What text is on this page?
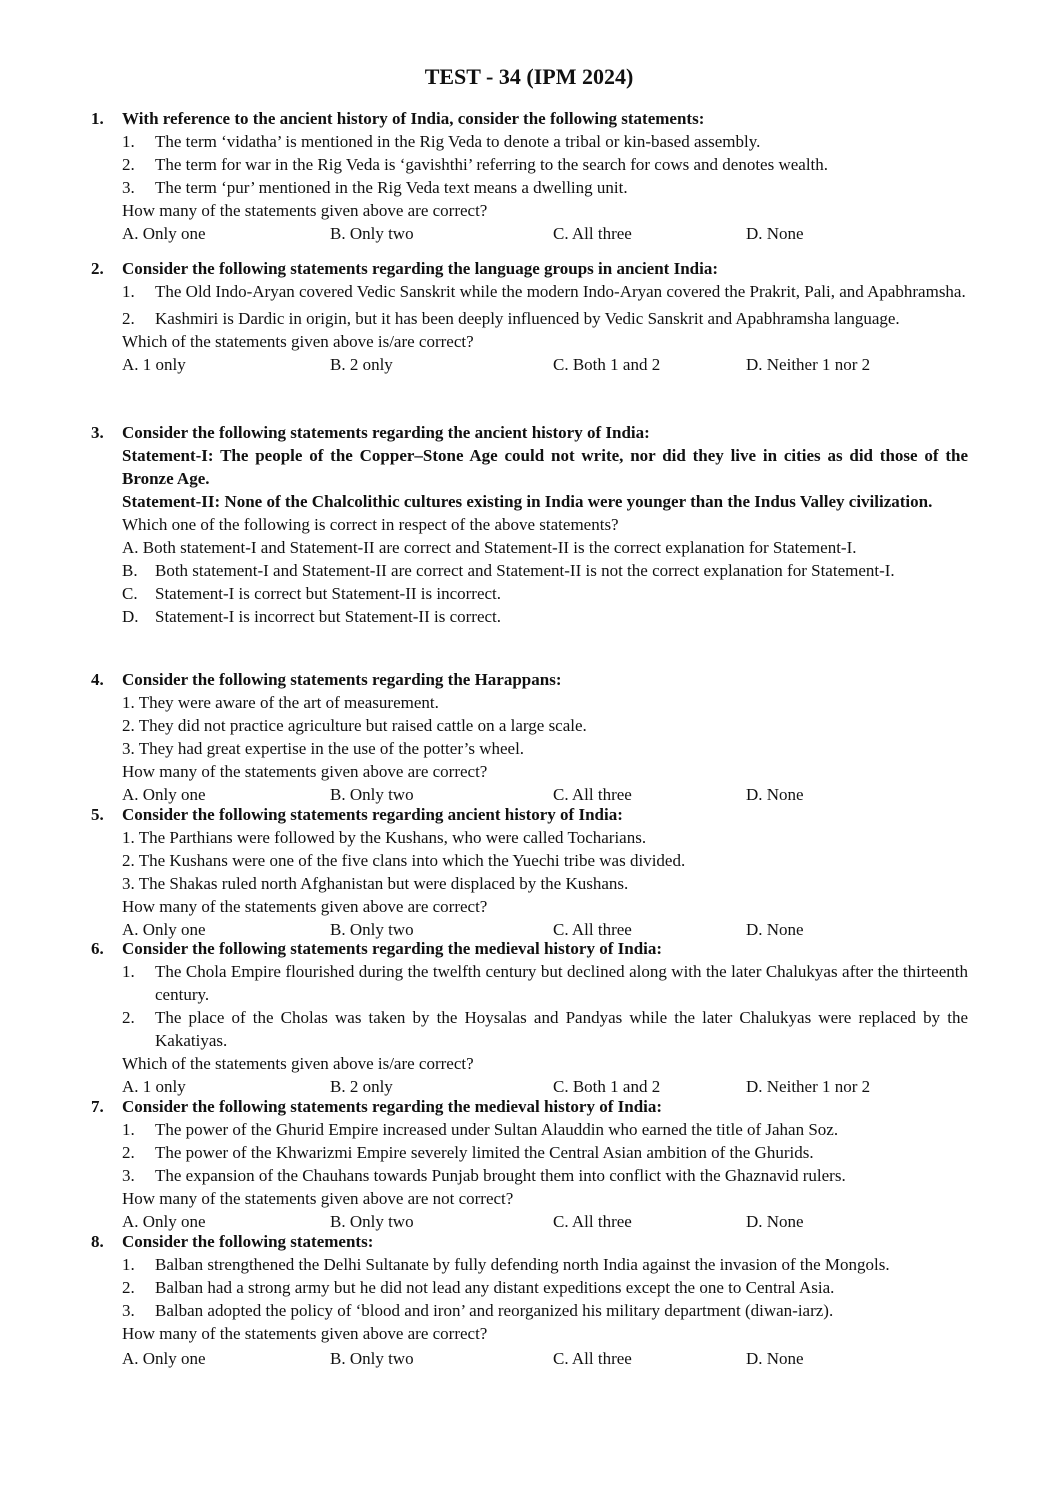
TEST - 34 (IPM 2024)
1. With reference to the ancient history of India, consider the following statements:
1. The term ‘vidatha’ is mentioned in the Rig Veda to denote a tribal or kin-based assembly.
2. The term for war in the Rig Veda is ‘gavishthi’ referring to the search for cows and denotes wealth.
3. The term ‘pur’ mentioned in the Rig Veda text means a dwelling unit.
How many of the statements given above are correct?
A. Only one	B. Only two	C. All three	D. None
2. Consider the following statements regarding the language groups in ancient India:
1. The Old Indo-Aryan covered Vedic Sanskrit while the modern Indo-Aryan covered the Prakrit, Pali, and Apabhramsha.
2. Kashmiri is Dardic in origin, but it has been deeply influenced by Vedic Sanskrit and Apabhramsha language.
Which of the statements given above is/are correct?
A. 1 only	B. 2 only	C. Both 1 and 2	D. Neither 1 nor 2
3. Consider the following statements regarding the ancient history of India:
Statement-I: The people of the Copper–Stone Age could not write, nor did they live in cities as did those of the Bronze Age.
Statement-II: None of the Chalcolithic cultures existing in India were younger than the Indus Valley civilization.
Which one of the following is correct in respect of the above statements?
A. Both statement-I and Statement-II are correct and Statement-II is the correct explanation for Statement-I.
B. Both statement-I and Statement-II are correct and Statement-II is not the correct explanation for Statement-I.
C. Statement-I is correct but Statement-II is incorrect.
D. Statement-I is incorrect but Statement-II is correct.
4. Consider the following statements regarding the Harappans:
1. They were aware of the art of measurement.
2. They did not practice agriculture but raised cattle on a large scale.
3. They had great expertise in the use of the potter’s wheel.
How many of the statements given above are correct?
A. Only one	B. Only two	C. All three	D. None
5. Consider the following statements regarding ancient history of India:
1. The Parthians were followed by the Kushans, who were called Tocharians.
2. The Kushans were one of the five clans into which the Yuechi tribe was divided.
3. The Shakas ruled north Afghanistan but were displaced by the Kushans.
How many of the statements given above are correct?
A. Only one	B. Only two	C. All three	D. None
6. Consider the following statements regarding the medieval history of India:
1. The Chola Empire flourished during the twelfth century but declined along with the later Chalukyas after the thirteenth century.
2. The place of the Cholas was taken by the Hoysalas and Pandyas while the later Chalukyas were replaced by the Kakatiyas.
Which of the statements given above is/are correct?
A. 1 only	B. 2 only	C. Both 1 and 2	D. Neither 1 nor 2
7. Consider the following statements regarding the medieval history of India:
1. The power of the Ghurid Empire increased under Sultan Alauddin who earned the title of Jahan Soz.
2. The power of the Khwarizmi Empire severely limited the Central Asian ambition of the Ghurids.
3. The expansion of the Chauhans towards Punjab brought them into conflict with the Ghaznavid rulers.
How many of the statements given above are not correct?
A. Only one	B. Only two	C. All three	D. None
8. Consider the following statements:
1. Balban strengthened the Delhi Sultanate by fully defending north India against the invasion of the Mongols.
2. Balban had a strong army but he did not lead any distant expeditions except the one to Central Asia.
3. Balban adopted the policy of ‘blood and iron’ and reorganized his military department (diwan-iarz).
How many of the statements given above are correct?
A. Only one	B. Only two	C. All three	D. None
